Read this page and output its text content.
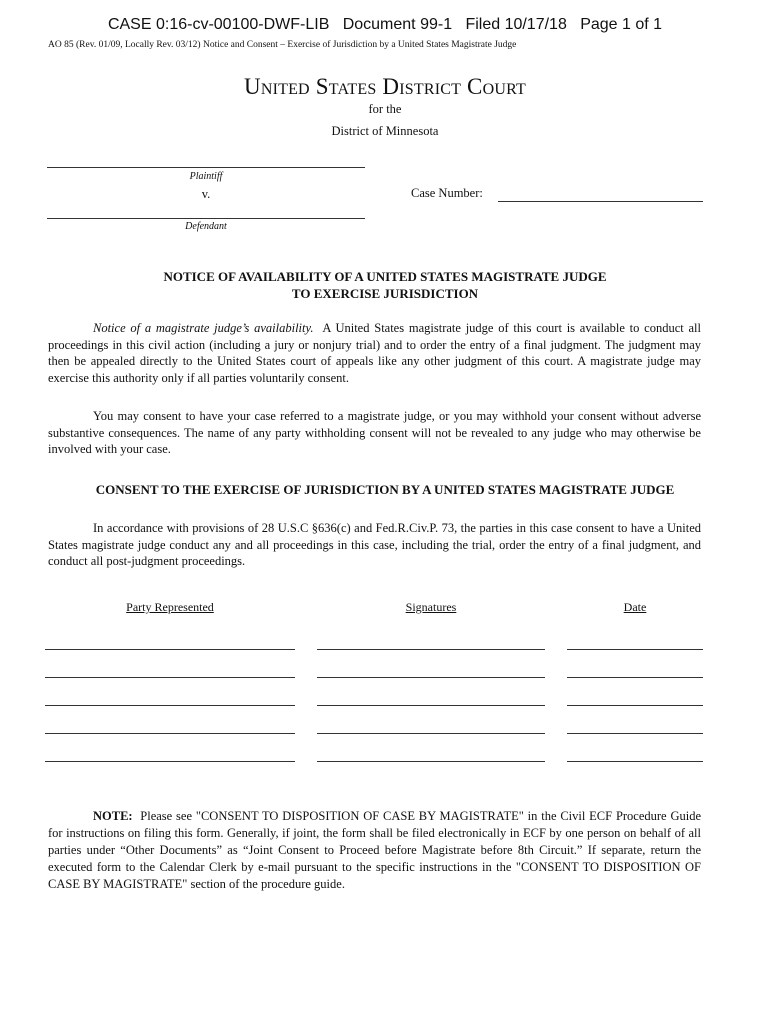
CASE 0:16-cv-00100-DWF-LIB Document 99-1 Filed 10/17/18 Page 1 of 1
AO 85 (Rev. 01/09, Locally Rev. 03/12) Notice and Consent – Exercise of Jurisdiction by a United States Magistrate Judge
United States District Court
for the
District of Minnesota
Plaintiff
v.
Defendant
Case Number:
NOTICE OF AVAILABILITY OF A UNITED STATES MAGISTRATE JUDGE
TO EXERCISE JURISDICTION
Notice of a magistrate judge’s availability. A United States magistrate judge of this court is available to conduct all proceedings in this civil action (including a jury or nonjury trial) and to order the entry of a final judgment. The judgment may then be appealed directly to the United States court of appeals like any other judgment of this court. A magistrate judge may exercise this authority only if all parties voluntarily consent.
You may consent to have your case referred to a magistrate judge, or you may withhold your consent without adverse substantive consequences. The name of any party withholding consent will not be revealed to any judge who may otherwise be involved with your case.
CONSENT TO THE EXERCISE OF JURISDICTION BY A UNITED STATES MAGISTRATE JUDGE
In accordance with provisions of 28 U.S.C §636(c) and Fed.R.Civ.P. 73, the parties in this case consent to have a United States magistrate judge conduct any and all proceedings in this case, including the trial, order the entry of a final judgment, and conduct all post-judgment proceedings.
Party Represented	Signatures	Date
NOTE: Please see "CONSENT TO DISPOSITION OF CASE BY MAGISTRATE" in the Civil ECF Procedure Guide for instructions on filing this form. Generally, if joint, the form shall be filed electronically in ECF by one person on behalf of all parties under “Other Documents” as “Joint Consent to Proceed before Magistrate before 8th Circuit.” If separate, return the executed form to the Calendar Clerk by e-mail pursuant to the specific instructions in the "CONSENT TO DISPOSITION OF CASE BY MAGISTRATE" section of the procedure guide.
